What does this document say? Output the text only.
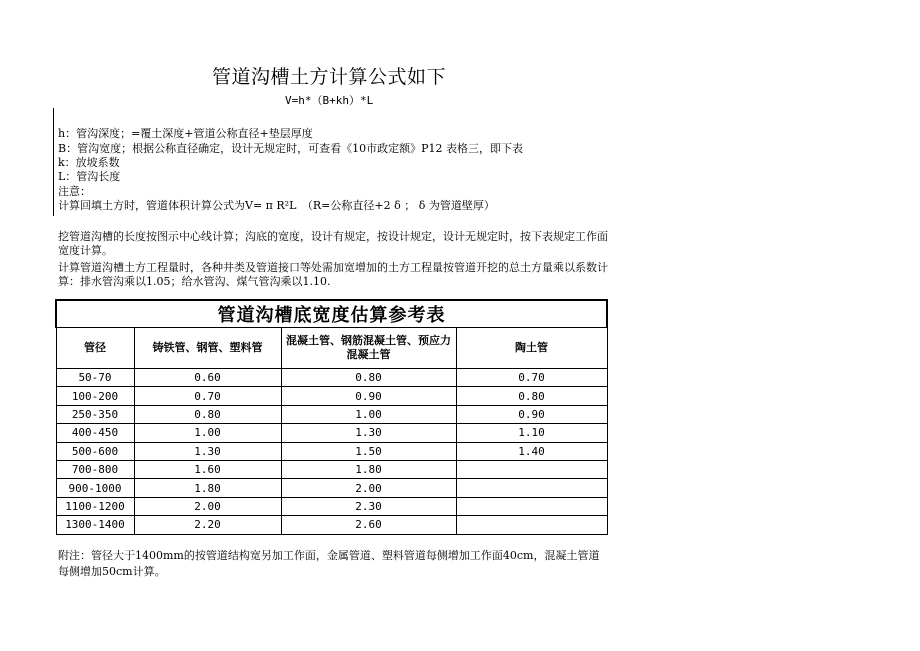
管道沟槽土方计算公式如下
V=h*（B+kh）*L
h：管沟深度；=覆土深度+管道公称直径+垫层厚度
B：管沟宽度；根据公称直径确定，设计无规定时，可查看《10市政定额》P12 表格三，即下表
k：放坡系数
L：管沟长度
注意：
计算回填土方时，管道体积计算公式为V= π R²L　（R=公称直径+2 δ ； δ 为管道壁厚）
挖管道沟槽的长度按图示中心线计算；沟底的宽度，设计有规定，按设计规定，设计无规定时，按下表规定工作面宽度计算。
计算管道沟槽土方工程量时，各种井类及管道接口等处需加宽增加的土方工程量按管道开挖的总土方量乘以系数计算：排水管沟乘以1.05；给水管沟、煤气管沟乘以1.10.
管道沟槽底宽度估算参考表			
管径	铸铁管、钢管、塑料管	混凝土管、钢筋混凝土管、预应力混凝土管	陶土管
50-70	0.60	0.80	0.70
100-200	0.70	0.90	0.80
250-350	0.80	1.00	0.90
400-450	1.00	1.30	1.10
500-600	1.30	1.50	1.40
700-800	1.60	1.80	
900-1000	1.80	2.00	
1100-1200	2.00	2.30	
1300-1400	2.20	2.60	
附注：管径大于1400mm的按管道结构宽另加工作面，金属管道、塑料管道每侧增加工作面40cm，混凝土管道每侧增加50cm计算。
